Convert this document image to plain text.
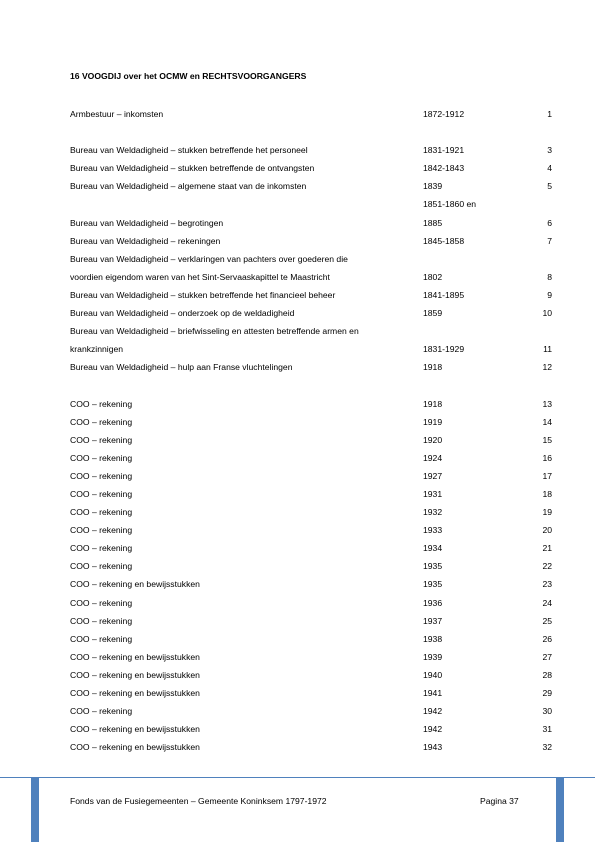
16 VOOGDIJ over het OCMW en RECHTSVOORGANGERS
Armbestuur – inkomsten	1872-1912	1
Bureau van Weldadigheid – stukken betreffende het personeel	1831-1921	3
Bureau van Weldadigheid – stukken betreffende de ontvangsten	1842-1843	4
Bureau van Weldadigheid – algemene staat van de inkomsten	1839	5
1851-1860 en
Bureau van Weldadigheid – begrotingen	1885	6
Bureau van Weldadigheid – rekeningen	1845-1858	7
Bureau van Weldadigheid – verklaringen van pachters over goederen die
voordien eigendom waren van het Sint-Servaaskapittel te Maastricht	1802	8
Bureau van Weldadigheid – stukken betreffende het financieel beheer	1841-1895	9
Bureau van Weldadigheid – onderzoek op de weldadigheid	1859	10
Bureau van Weldadigheid – briefwisseling en attesten betreffende armen en
krankzinnigen	1831-1929	11
Bureau van Weldadigheid – hulp aan Franse vluchtelingen	1918	12
COO – rekening	1918	13
COO – rekening	1919	14
COO – rekening	1920	15
COO – rekening	1924	16
COO – rekening	1927	17
COO – rekening	1931	18
COO – rekening	1932	19
COO – rekening	1933	20
COO – rekening	1934	21
COO – rekening	1935	22
COO – rekening en bewijsstukken	1935	23
COO – rekening	1936	24
COO – rekening	1937	25
COO – rekening	1938	26
COO – rekening en bewijsstukken	1939	27
COO – rekening en bewijsstukken	1940	28
COO – rekening en bewijsstukken	1941	29
COO – rekening	1942	30
COO – rekening en bewijsstukken	1942	31
COO – rekening en bewijsstukken	1943	32
Fonds van de Fusiegemeenten – Gemeente Koninksem 1797-1972	Pagina 37
